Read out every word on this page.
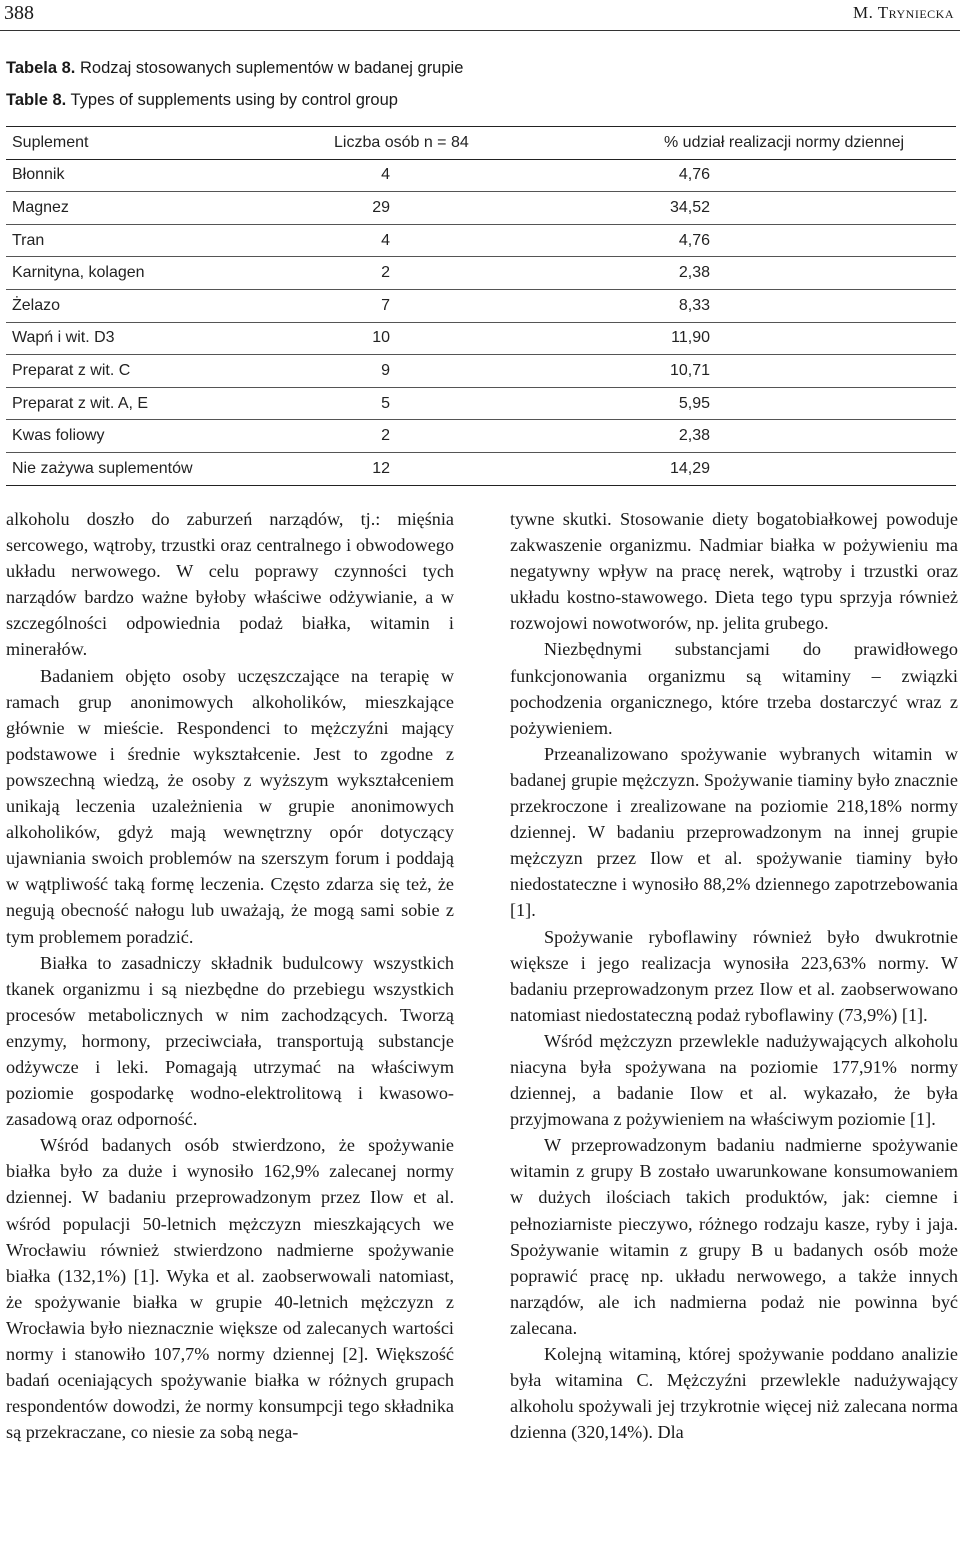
388	M. Tryniecka
Tabela 8. Rodzaj stosowanych suplementów w badanej grupie
Table 8. Types of supplements using by control group
Suplement	Liczba osób n = 84	% udział realizacji normy dziennej
Błonnik	4	4,76
Magnez	29	34,52
Tran	4	4,76
Karnityna, kolagen	2	2,38
Żelazo	7	8,33
Wapń i wit. D3	10	11,90
Preparat z wit. C	9	10,71
Preparat z wit. A, E	5	5,95
Kwas foliowy	2	2,38
Nie zażywa suplementów	12	14,29

alkoholu doszło do zaburzeń narządów, tj.: mięśnia sercowego, wątroby, trzustki oraz centralnego i obwodowego układu nerwowego. W celu poprawy czynności tych narządów bardzo ważne byłoby właściwe odżywianie, a w szczególności odpowiednia podaż białka, witamin i minerałów.

Badaniem objęto osoby uczęszczające na terapię w ramach grup anonimowych alkoholików, mieszkające głównie w mieście. Respondenci to mężczyźni mający podstawowe i średnie wykształcenie. Jest to zgodne z powszechną wiedzą, że osoby z wyższym wykształceniem unikają leczenia uzależnienia w grupie anonimowych alkoholików, gdyż mają wewnętrzny opór dotyczący ujawniania swoich problemów na szerszym forum i poddają w wątpliwość taką formę leczenia. Często zdarza się też, że negują obecność nałogu lub uważają, że mogą sami sobie z tym problemem poradzić.

Białka to zasadniczy składnik budulcowy wszystkich tkanek organizmu i są niezbędne do przebiegu wszystkich procesów metabolicznych w nim zachodzących. Tworzą enzymy, hormony, przeciwciała, transportują substancje odżywcze i leki. Pomagają utrzymać na właściwym poziomie gospodarkę wodno-elektrolitową i kwasowo-zasadową oraz odporność.

Wśród badanych osób stwierdzono, że spożywanie białka było za duże i wynosiło 162,9% zalecanej normy dziennej. W badaniu przeprowadzonym przez Ilow et al. wśród populacji 50-letnich mężczyzn mieszkających we Wrocławiu również stwierdzono nadmierne spożywanie białka (132,1%) [1]. Wyka et al. zaobserwowali natomiast, że spożywanie białka w grupie 40-letnich mężczyzn z Wrocławia było nieznacznie większe od zalecanych wartości normy i stanowiło 107,7% normy dziennej [2]. Większość badań oceniających spożywanie białka w różnych grupach respondentów dowodzi, że normy konsumpcji tego składnika są przekraczane, co niesie za sobą nega-

tywne skutki. Stosowanie diety bogatobiałkowej powoduje zakwaszenie organizmu. Nadmiar białka w pożywieniu ma negatywny wpływ na pracę nerek, wątroby i trzustki oraz układu kostno-stawowego. Dieta tego typu sprzyja również rozwojowi nowotworów, np. jelita grubego.

Niezbędnymi substancjami do prawidłowego funkcjonowania organizmu są witaminy – związki pochodzenia organicznego, które trzeba dostarczyć wraz z pożywieniem.

Przeanalizowano spożywanie wybranych witamin w badanej grupie mężczyzn. Spożywanie tiaminy było znacznie przekroczone i zrealizowane na poziomie 218,18% normy dziennej. W badaniu przeprowadzonym na innej grupie mężczyzn przez Ilow et al. spożywanie tiaminy było niedostateczne i wynosiło 88,2% dziennego zapotrzebowania [1].

Spożywanie ryboflawiny również było dwukrotnie większe i jego realizacja wynosiła 223,63% normy. W badaniu przeprowadzonym przez Ilow et al. zaobserwowano natomiast niedostateczną podaż ryboflawiny (73,9%) [1].

Wśród mężczyzn przewlekle nadużywających alkoholu niacyna była spożywana na poziomie 177,91% normy dziennej, a badanie Ilow et al. wykazało, że była przyjmowana z pożywieniem na właściwym poziomie [1].

W przeprowadzonym badaniu nadmierne spożywanie witamin z grupy B zostało uwarunkowane konsumowaniem w dużych ilościach takich produktów, jak: ciemne i pełnoziarniste pieczywo, różnego rodzaju kasze, ryby i jaja. Spożywanie witamin z grupy B u badanych osób może poprawić pracę np. układu nerwowego, a także innych narządów, ale ich nadmierna podaż nie powinna być zalecana.

Kolejną witaminą, której spożywanie poddano analizie była witamina C. Mężczyźni przewlekle nadużywający alkoholu spożywali jej trzykrotnie więcej niż zalecana norma dzienna (320,14%). Dla
